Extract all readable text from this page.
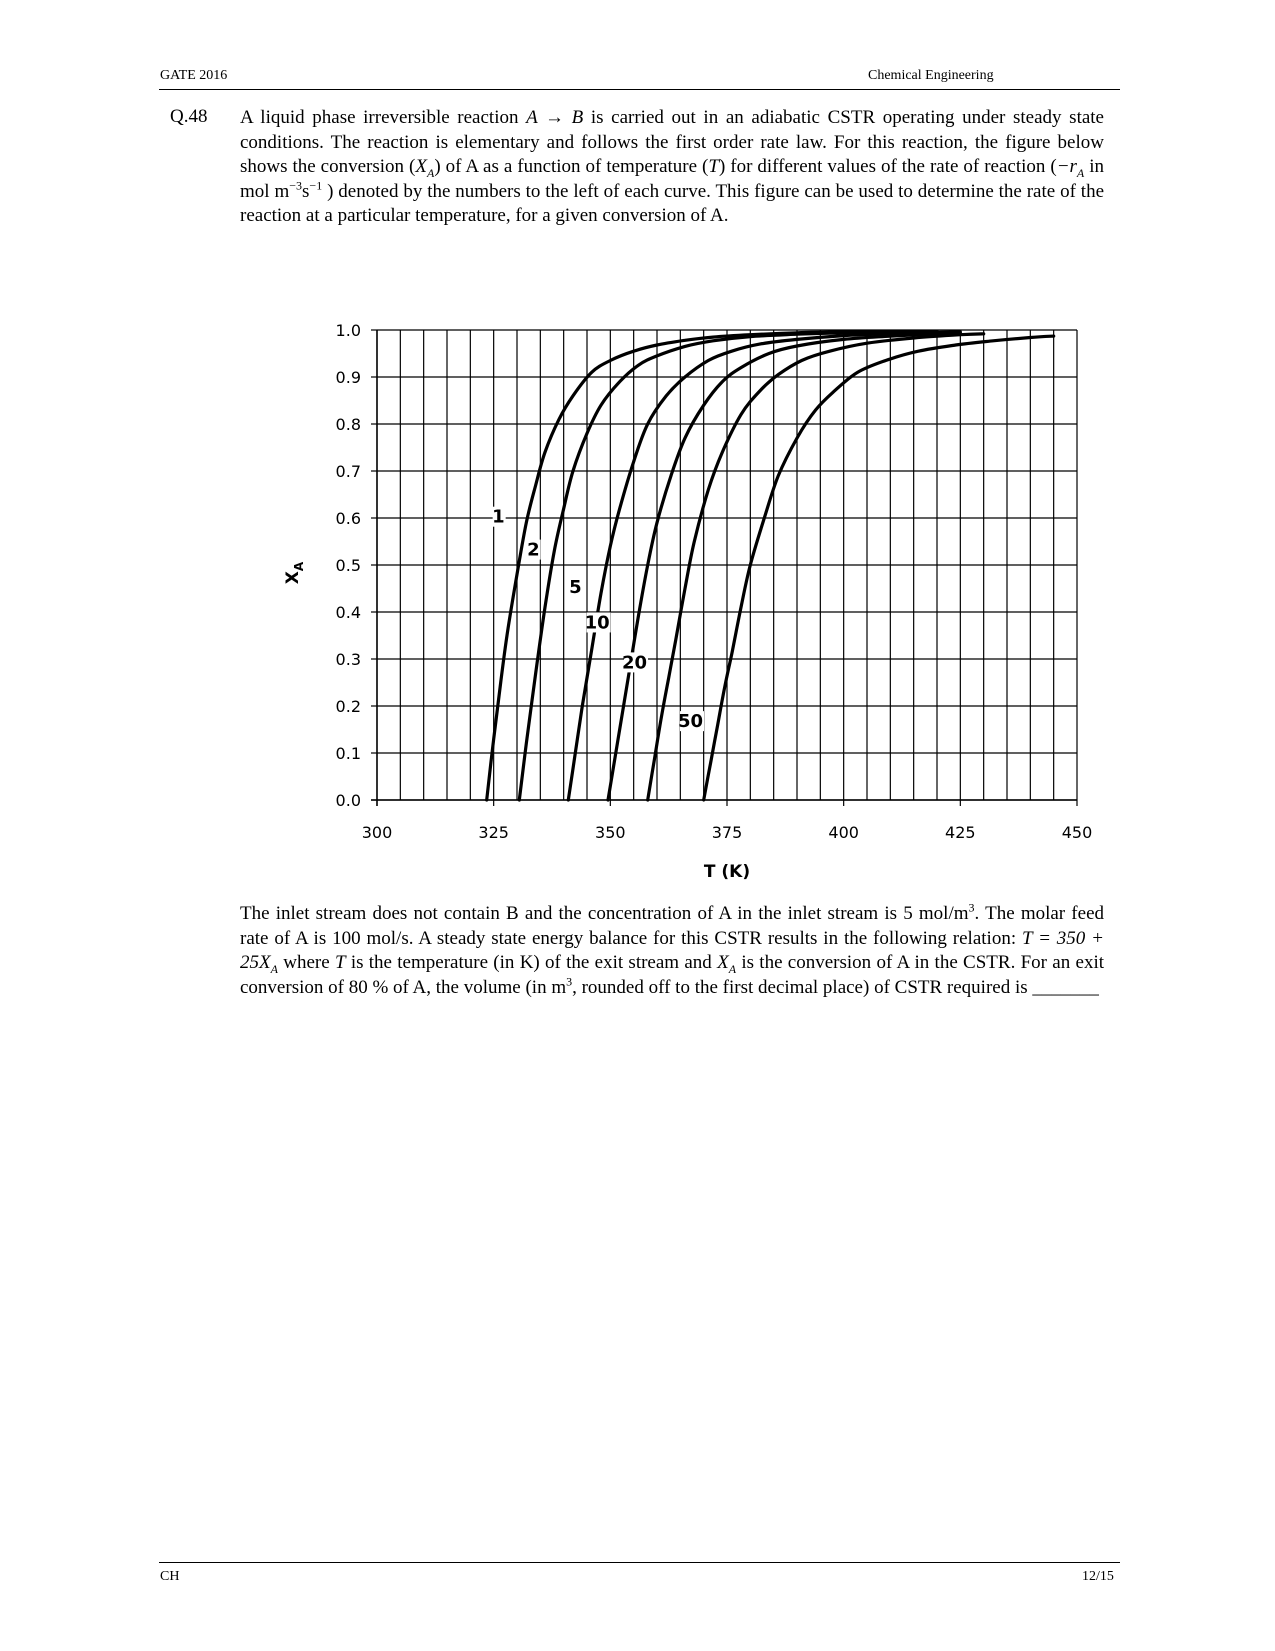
GATE 2016	Chemical Engineering
Q.48 A liquid phase irreversible reaction A → B is carried out in an adiabatic CSTR operating under steady state conditions. The reaction is elementary and follows the first order rate law. For this reaction, the figure below shows the conversion $(X_A)$ of A as a function of temperature (T) for different values of the rate of reaction ($-r_A$ in mol $m^{-3}s^{-1}$ ) denoted by the numbers to the left of each curve. This figure can be used to determine the rate of the reaction at a particular temperature, for a given conversion of A.
0.0
0.1
0.2
0.3
0.4
0.5
0.6
0.7
0.8
0.9
1.0
300	325	350	375	400	425	450
1
2
5
10
20
50
T (K)
$X_A$
The inlet stream does not contain B and the concentration of A in the inlet stream is 5 mol/$m^3$. The molar feed rate of A is 100 mol/s. A steady state energy balance for this CSTR results in the following relation: $T = 350 + 25X_A$ where T is the temperature (in K) of the exit stream and $X_A$ is the conversion of A in the CSTR. For an exit conversion of 80 % of A, the volume (in $m^3$, rounded off to the first decimal place) of CSTR required is _______
CH	12/15
